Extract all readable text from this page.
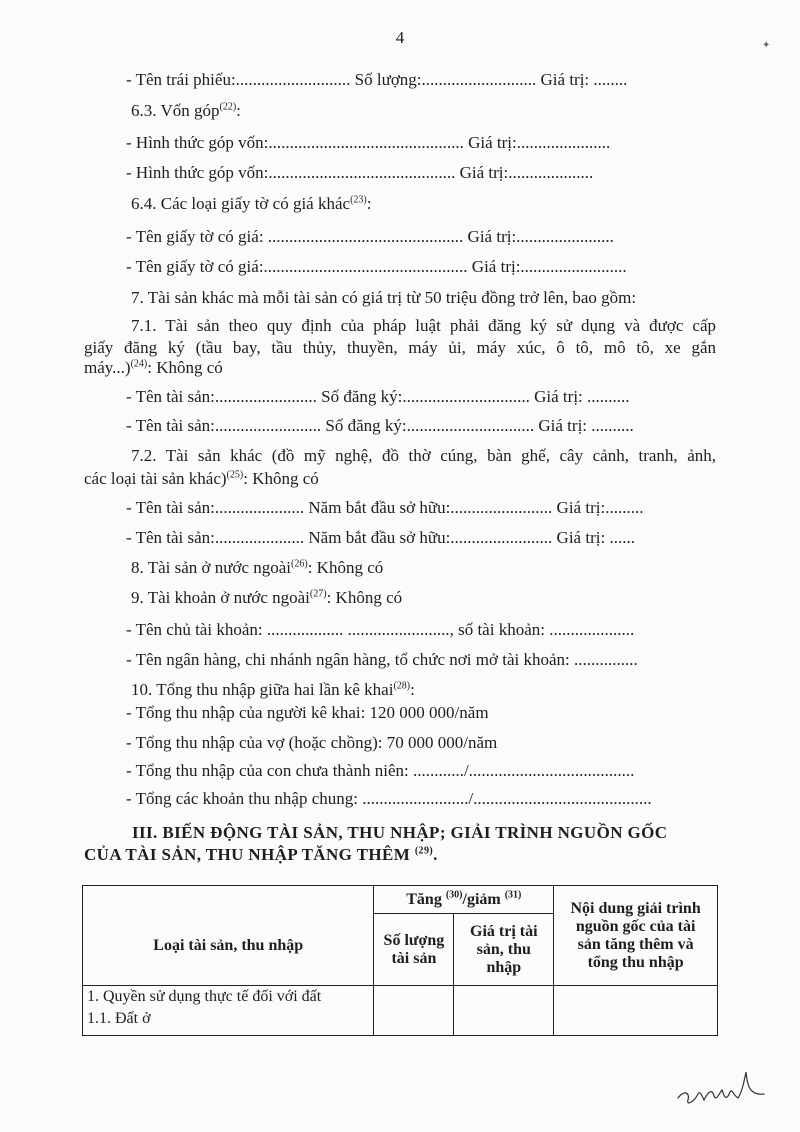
4	✦
- Tên trái phiếu:........................... Số lượng:........................... Giá trị: ........
6.3. Vốn góp$^{(22)}$:
- Hình thức góp vốn:.............................................. Giá trị:......................
- Hình thức góp vốn:............................................ Giá trị:....................
6.4. Các loại giấy tờ có giá khác$^{(23)}$:
- Tên giấy tờ có giá: .............................................. Giá trị:.......................
- Tên giấy tờ có giá:................................................ Giá trị:.........................
7. Tài sản khác mà mỗi tài sản có giá trị từ 50 triệu đồng trở lên, bao gồm:
7.1. Tài sản theo quy định của pháp luật phải đăng ký sử dụng và được cấp
giấy đăng ký (tầu bay, tầu thủy, thuyền, máy ủi, máy xúc, ô tô, mô tô, xe gắn
máy...)$^{(24)}$: Không có
- Tên tài sản:........................ Số đăng ký:.............................. Giá trị: ..........
- Tên tài sản:......................... Số đăng ký:.............................. Giá trị: ..........
7.2. Tài sản khác (đồ mỹ nghệ, đồ thờ cúng, bàn ghế, cây cảnh, tranh, ảnh,
các loại tài sản khác)$^{(25)}$: Không có
- Tên tài sản:..................... Năm bắt đầu sở hữu:........................ Giá trị:.........
- Tên tài sản:..................... Năm bắt đầu sở hữu:........................ Giá trị: ......
8. Tài sản ở nước ngoài$^{(26)}$: Không có
9. Tài khoản ở nước ngoài$^{(27)}$: Không có
- Tên chủ tài khoản: .................. ........................, số tài khoản: ....................
- Tên ngân hàng, chi nhánh ngân hàng, tổ chức nơi mở tài khoản: ...............
10. Tổng thu nhập giữa hai lần kê khai$^{(28)}$:
- Tổng thu nhập của người kê khai: 120 000 000/năm
- Tổng thu nhập của vợ (hoặc chồng): 70 000 000/năm
- Tổng thu nhập của con chưa thành niên: ............/.......................................
- Tổng các khoản thu nhập chung: ........................./..........................................
III. BIẾN ĐỘNG TÀI SẢN, THU NHẬP; GIẢI TRÌNH NGUỒN GỐC
CỦA TÀI SẢN, THU NHẬP TĂNG THÊM $^{(29)}$.
Loại tài sản, thu nhập	Tăng $^{(30)}$/giảm $^{(31)}$		Nội dung giải trình nguồn gốc của tài sản tăng thêm và tổng thu nhập
	Số lượng tài sản	Giá trị tài sản, thu nhập	

1. Quyền sử dụng thực tế đối với đất
1.1. Đất ở			
